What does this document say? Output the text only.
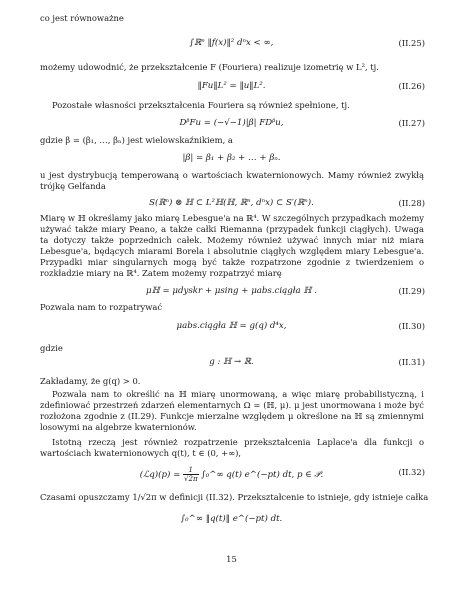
co jest równoważne
∫ℝⁿ ‖f(x)‖² dⁿx < ∞,	(II.25)
możemy udowodnić, że przekształcenie F (Fouriera) realizuje izometrię w L², tj.
‖Fu‖L² = ‖u‖L².	(II.26)
Pozostałe własności przekształcenia Fouriera są również spełnione, tj.
DᵝFu = (−√−1)|β| FDᵝu,	(II.27)
gdzie β = (β₁, …, βₙ) jest wielowskaźnikiem, a
|β| = β₁ + β₂ + … + βₙ.
u jest dystrybucją temperowaną o wartościach kwaternionowych. Mamy również zwykłą trójkę Gelfanda
S(ℝⁿ) ⊗ ℍ ⊂ L²ℍ(ℍ, ℝⁿ, dⁿx) ⊂ S′(ℝⁿ).	(II.28)
Miarę w ℍ określamy jako miarę Lebesgue'a na ℝ⁴. W szczególnych przypadkach możemy używać także miary Peano, a także całki Riemanna (przypadek funkcji ciągłych). Uwaga ta dotyczy także poprzednich całek. Możemy również używać innych miar niż miara Lebesgue'a, będących miarami Borela i absolutnie ciągłych względem miary Lebesgue'a. Przypadki miar singularnych mogą być także rozpatrzone zgodnie z twierdzeniem o rozkładzie miary na ℝ⁴. Zatem możemy rozpatrzyć miarę
μℍ = μdyskr + μsing + μabs.ciągła ℍ .	(II.29)
Pozwala nam to rozpatrywać
μabs.ciągła ℍ = g(q) d⁴x,	(II.30)
gdzie
g : ℍ → ℝ.	(II.31)
Zakładamy, że g(q) > 0.
Pozwala nam to określić na ℍ miarę unormowaną, a więc miarę probabilistyczną, i zdefiniować przestrzeń zdarzeń elementarnych Ω = (ℍ, μ). μ jest unormowana i może być rozłożona zgodnie z (II.29). Funkcje mierzalne względem μ określone na ℍ są zmiennymi losowymi na algebrze kwaternionów.
Istotną rzeczą jest również rozpatrzenie przekształcenia Laplace'a dla funkcji o wartościach kwaternionowych q(t), t ∈ (0, +∞),
(ℒq)(p) = $\frac{1}{√2\pi}$ ∫₀^∞ q(t) e^(−pt) dt, p ∈ 𝒫.	(II.32)
Czasami opuszczamy 1/√2π w definicji (II.32). Przekształcenie to istnieje, gdy istnieje całka
∫₀^∞ ‖q(t)‖ e^(−pt) dt.
15
